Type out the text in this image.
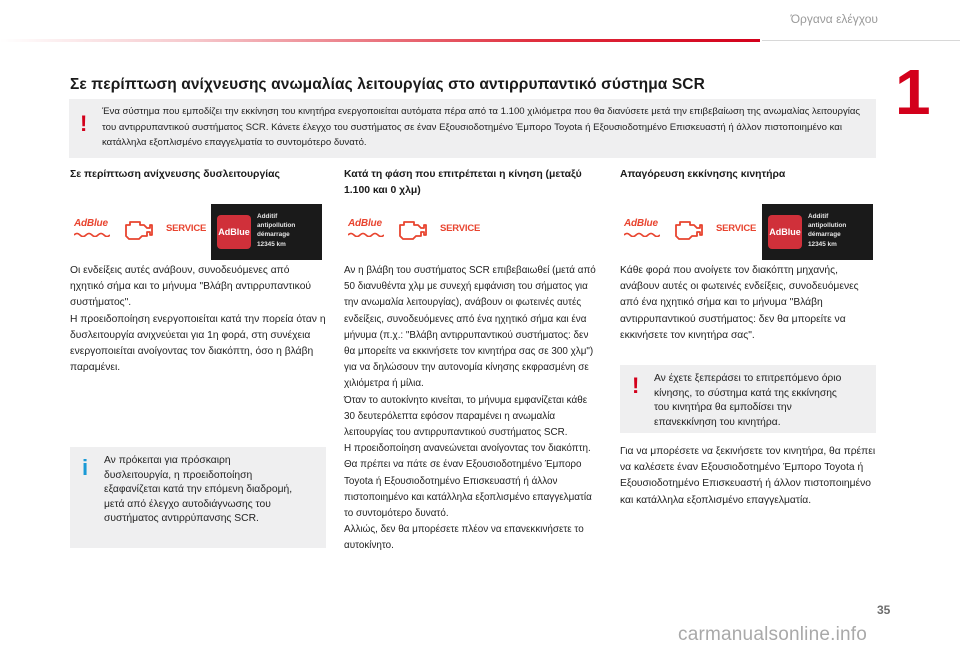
Όργανα ελέγχου
1
Σε περίπτωση ανίχνευσης ανωμαλίας λειτουργίας στο αντιρρυπαντικό σύστημα SCR
! Ένα σύστημα που εμποδίζει την εκκίνηση του κινητήρα ενεργοποιείται αυτόματα πέρα από τα 1.100 χιλιόμετρα που θα διανύσετε μετά την επιβεβαίωση της ανωμαλίας λειτουργίας του αντιρρυπαντικού συστήματος SCR. Κάνετε έλεγχο του συστήματος σε έναν Εξουσιοδοτημένο Έμπορο Toyota ή Εξουσιοδοτημένο Επισκευαστή ή άλλον πιστοποιημένο και κατάλληλα εξοπλισμένο επαγγελματία το συντομότερο δυνατό.
Σε περίπτωση ανίχνευσης δυσλειτουργίας	Κατά τη φάση που επιτρέπεται η κίνηση (μεταξύ 1.100 και 0 χλμ)
Απαγόρευση εκκίνησης κινητήρα
AdBlue	SERVICE AdBlue
Additif
antipollution
démarrage
12345 km
AdBlue	SERVICE	AdBlue	SERVICE AdBlue
Additif
antipollution
démarrage
12345 km
Οι ενδείξεις αυτές ανάβουν, συνοδευόμενες από ηχητικό σήμα και το μήνυμα "Βλάβη αντιρρυπαντικού συστήματος".
Η προειδοποίηση ενεργοποιείται κατά την πορεία όταν η δυσλειτουργία ανιχνεύεται για 1η φορά, στη συνέχεια ενεργοποιείται ανοίγοντας τον διακόπτη, όσο η βλάβη παραμένει.
i Αν πρόκειται για πρόσκαιρη δυσλειτουργία, η προειδοποίηση εξαφανίζεται κατά την επόμενη διαδρομή, μετά από έλεγχο αυτοδιάγνωσης του συστήματος αντιρρύπανσης SCR.
Αν η βλάβη του συστήματος SCR επιβεβαιωθεί (μετά από 50 διανυθέντα χλμ με συνεχή εμφάνιση του σήματος για την ανωμαλία λειτουργίας), ανάβουν οι φωτεινές αυτές ενδείξεις, συνοδευόμενες από ένα ηχητικό σήμα και ένα μήνυμα (π.χ.: "Βλάβη αντιρρυπαντικού συστήματος: δεν θα μπορείτε να εκκινήσετε τον κινητήρα σας σε 300 χλμ") για να δηλώσουν την αυτονομία κίνησης εκφρασμένη σε χιλιόμετρα ή μίλια.
Όταν το αυτοκίνητο κινείται, το μήνυμα εμφανίζεται κάθε 30 δευτερόλεπτα εφόσον παραμένει η ανωμαλία λειτουργίας του αντιρρυπαντικού συστήματος SCR.
Η προειδοποίηση ανανεώνεται ανοίγοντας τον διακόπτη.
Θα πρέπει να πάτε σε έναν Εξουσιοδοτημένο Έμπορο Toyota ή Εξουσιοδοτημένο Επισκευαστή ή άλλον πιστοποιημένο και κατάλληλα εξοπλισμένο επαγγελματία το συντομότερο δυνατό.
Αλλιώς, δεν θα μπορέσετε πλέον να επανεκκινήσετε το αυτοκίνητο.
Κάθε φορά που ανοίγετε τον διακόπτη μηχανής, ανάβουν αυτές οι φωτεινές ενδείξεις, συνοδευόμενες από ένα ηχητικό σήμα και το μήνυμα "Βλάβη αντιρρυπαντικού συστήματος: δεν θα μπορείτε να εκκινήσετε τον κινητήρα σας".
! Αν έχετε ξεπεράσει το επιτρεπόμενο όριο κίνησης, το σύστημα κατά της εκκίνησης του κινητήρα θα εμποδίσει την επανεκκίνηση του κινητήρα.
Για να μπορέσετε να ξεκινήσετε τον κινητήρα, θα πρέπει να καλέσετε έναν Εξουσιοδοτημένο Έμπορο Toyota ή Εξουσιοδοτημένο Επισκευαστή ή άλλον πιστοποιημένο και κατάλληλα εξοπλισμένο επαγγελματία.
35
carmanualsonline.info
